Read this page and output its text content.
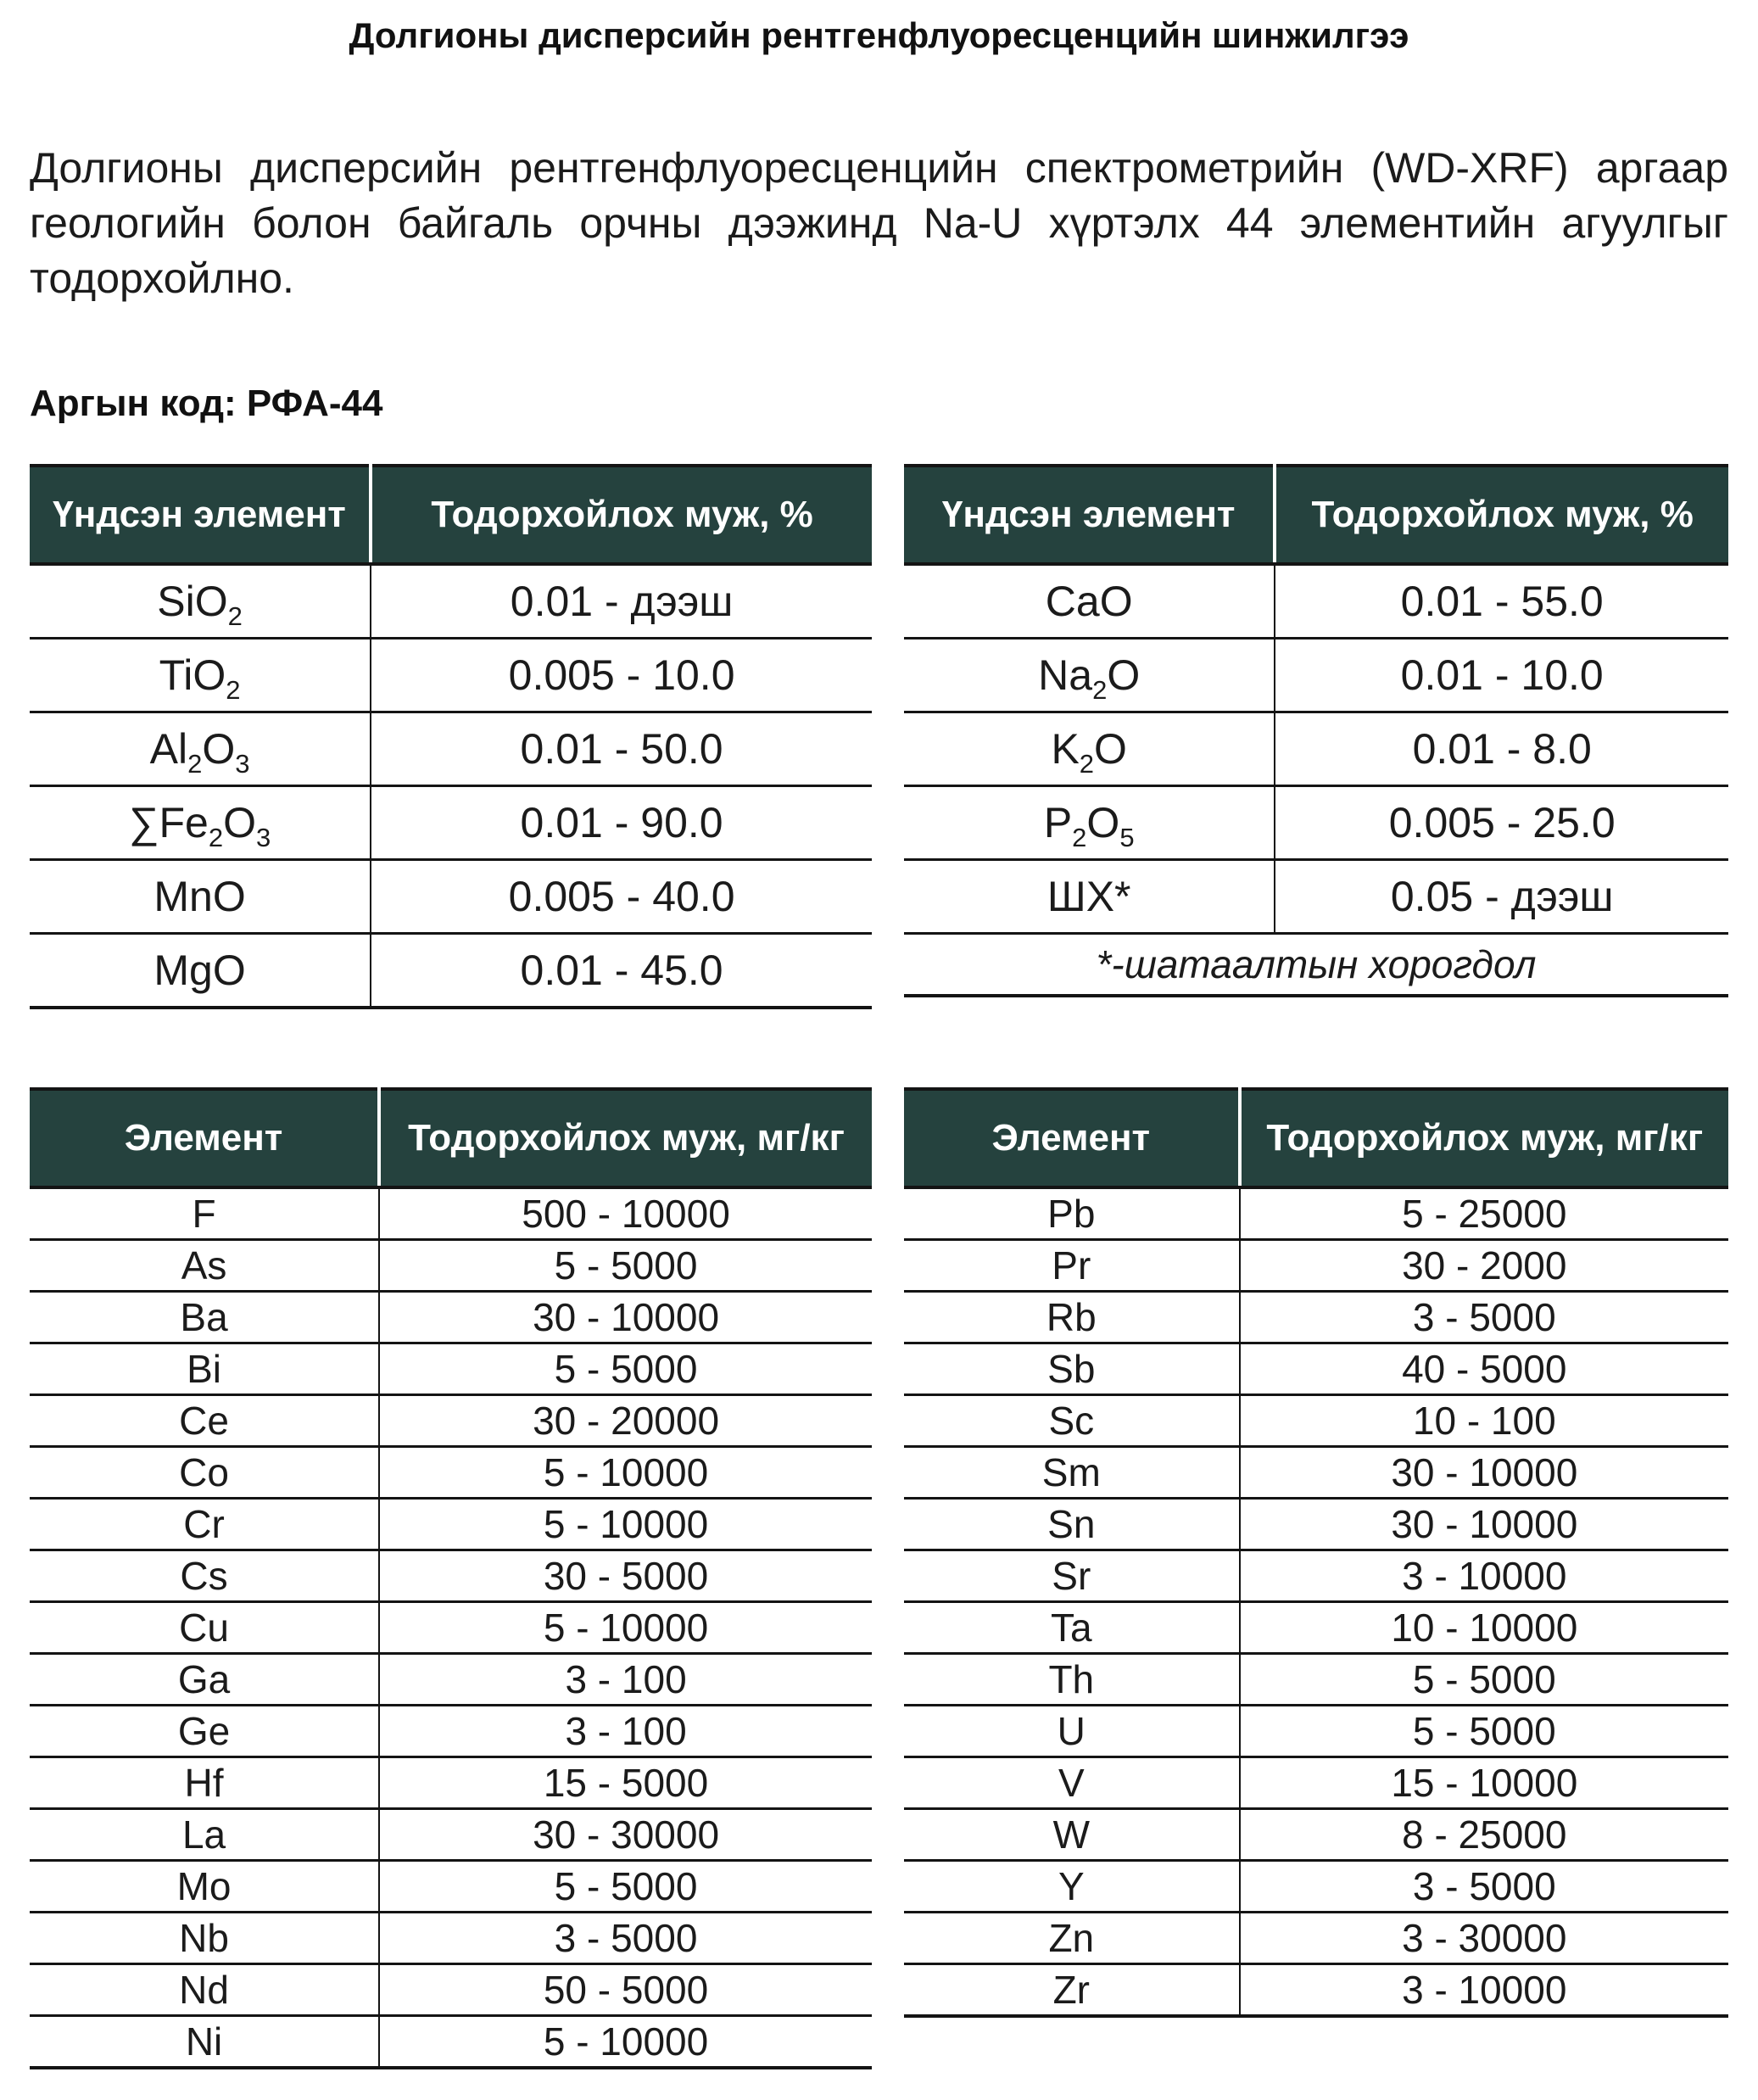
Долгионы дисперсийн рентгенфлуоресценцийн шинжилгээ

Долгионы дисперсийн рентгенфлуоресценцийн спектрометрийн (WD-XRF) аргаар геологийн болон байгаль орчны дээжинд Na-U хүртэлх 44 элементийн агуулгыг тодорхойлно.

Аргын код: РФА-44

Үндсэн элемент	Тодорхойлох муж, %
SiO$_2$	0.01 - дээш
TiO$_2$	0.005 - 10.0
$Al_2O_3$	0.01 - 50.0
$\sum Fe_2O_3$	0.01 - 90.0
MnO	0.005 - 40.0
MgO	0.01 - 45.0
Үндсэн элемент	Тодорхойлох муж, %
CaO	0.01 - 55.0
$Na_2O$	0.01 - 10.0
$K_2O$	0.01 - 8.0
$P_2O_5$	0.005 - 25.0
ШХ*	0.05 - дээш
*-шатаалтын хорогдол	
Элемент	Тодорхойлох муж, мг/кг
F	500 - 10000
As	5 - 5000
Ba	30 - 10000
Bi	5 - 5000
Ce	30 - 20000
Co	5 - 10000
Cr	5 - 10000
Cs	30 - 5000
Cu	5 - 10000
Ga	3 - 100
Ge	3 - 100
Hf	15 - 5000
La	30 - 30000
Mo	5 - 5000
Nb	3 - 5000
Nd	50 - 5000
Ni	5 - 10000
Элемент	Тодорхойлох муж, мг/кг
Pb	5 - 25000
Pr	30 - 2000
Rb	3 - 5000
Sb	40 - 5000
Sc	10 - 100
Sm	30 - 10000
Sn	30 - 10000
Sr	3 - 10000
Ta	10 - 10000
Th	5 - 5000
U	5 - 5000
V	15 - 10000
W	8 - 25000
Y	3 - 5000
Zn	3 - 30000
Zr	3 - 10000
